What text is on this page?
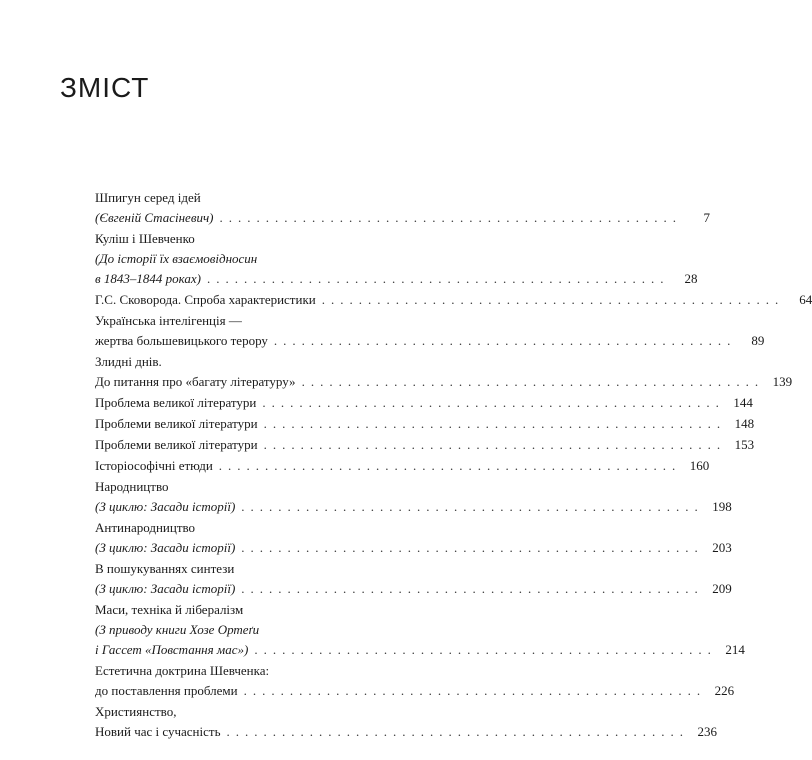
ЗМІСТ
Шпигун серед ідей
(Євгеній Стасіневич) ..................................................	7
Куліш і Шевченко
(До історії їх взаємовідносин
в 1843–1844 роках) ..................................................	28
Г.С. Сковорода. Спроба характеристики ..................................................	64
Українська інтелігенція —
жертва большевицького терору ..................................................	89
Злидні днів.
До питання про «багату літературу» .................................................. 139
Проблема великої літератури .................................................. 144
Проблеми великої літератури .................................................. 148
Проблеми великої літератури .................................................. 153
Історіософічні етюди .................................................. 160
Народництво
(З циклю: Засади історії) .................................................. 198
Антинародництво
(З циклю: Засади історії) .................................................. 203
В пошукуваннях синтези
(З циклю: Засади історії) .................................................. 209
Маси, техніка й лібералізм
(З приводу книги Хозе Ортеґи
і Гассет «Повстання мас») .................................................. 214
Естетична доктрина Шевченка:
до поставлення проблеми .................................................. 226
Християнство,
Новий час і сучасність .................................................. 236
